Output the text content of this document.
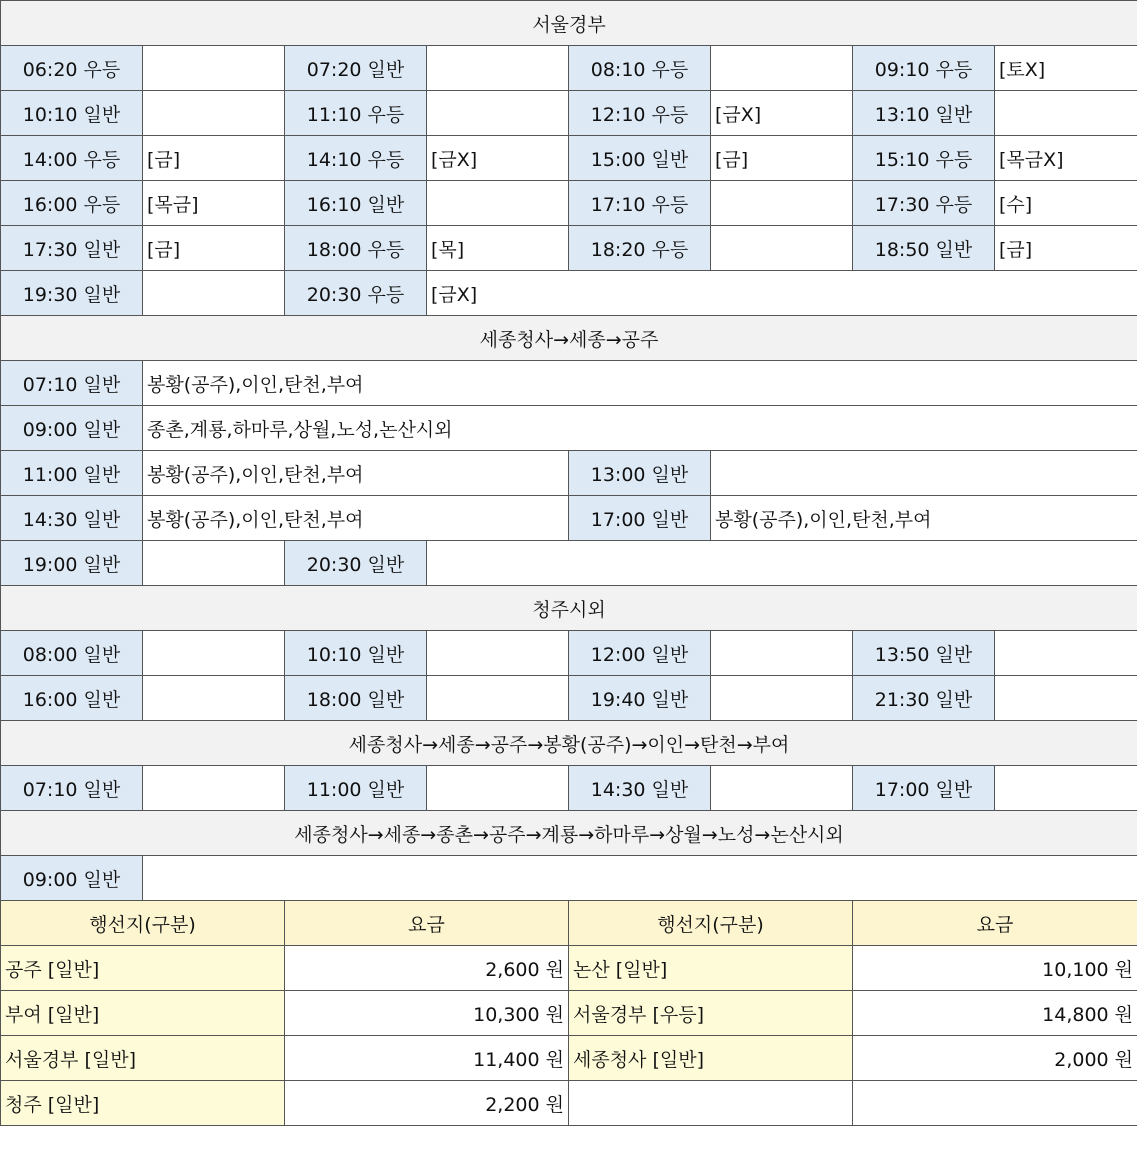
서울경부							
06:20 우등		07:20 일반		08:10 우등		09:10 우등	[토X]
10:10 일반		11:10 우등		12:10 우등	[금X]	13:10 일반	
14:00 우등	[금]	14:10 우등	[금X]	15:00 일반	[금]	15:10 우등	[목금X]
16:00 우등	[목금]	16:10 일반		17:10 우등		17:30 우등	[수]
17:30 일반	[금]	18:00 우등	[목]	18:20 우등		18:50 일반	[금]
19:30 일반		20:30 우등	[금X]				
세종청사→세종→공주							
07:10 일반	봉황(공주),이인,탄천,부여						
09:00 일반	종촌,계룡,하마루,상월,노성,논산시외						
11:00 일반	봉황(공주),이인,탄천,부여			13:00 일반			
14:30 일반	봉황(공주),이인,탄천,부여			17:00 일반	봉황(공주),이인,탄천,부여		
19:00 일반		20:30 일반					
청주시외							
08:00 일반		10:10 일반		12:00 일반		13:50 일반	
16:00 일반		18:00 일반		19:40 일반		21:30 일반	
세종청사→세종→공주→봉황(공주)→이인→탄천→부여							
07:10 일반		11:00 일반		14:30 일반		17:00 일반	
세종청사→세종→종촌→공주→계룡→하마루→상월→노성→논산시외							
09:00 일반							
행선지(구분)		요금		행선지(구분)		요금	
공주 [일반]		2,600 원		논산 [일반]		10,100 원	
부여 [일반]		10,300 원		서울경부 [우등]		14,800 원	
서울경부 [일반]		11,400 원		세종청사 [일반]		2,000 원	
청주 [일반]		2,200 원					
